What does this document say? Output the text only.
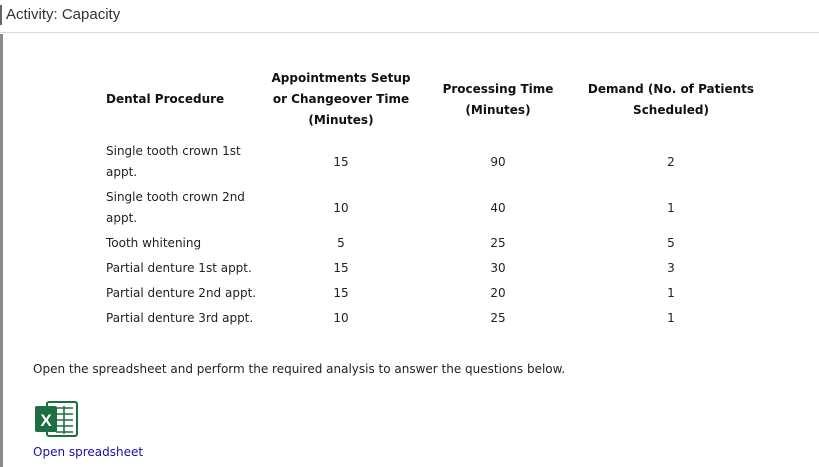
Activity: Capacity
Dental Procedure	Appointments Setup or Changeover Time (Minutes)	Processing Time (Minutes)	Demand (No. of Patients Scheduled)
Single tooth crown 1st appt.	15	90	2
Single tooth crown 2nd appt.	10	40	1
Tooth whitening	5	25	5
Partial denture 1st appt.	15	30	3
Partial denture 2nd appt.	15	20	1
Partial denture 3rd appt.	10	25	1
Open the spreadsheet and perform the required analysis to answer the questions below.
X
Open spreadsheet
